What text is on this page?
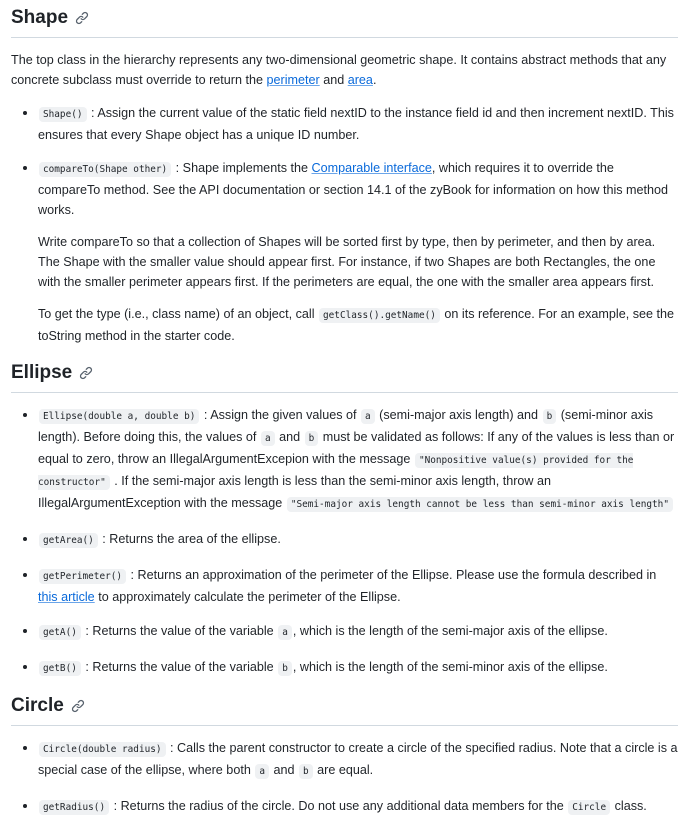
Shape

The top class in the hierarchy represents any two-dimensional geometric shape. It contains abstract methods that any concrete subclass must override to return the perimeter and area.

• Shape() : Assign the current value of the static field nextID to the instance field id and then increment nextID. This ensures that every Shape object has a unique ID number.

• compareTo(Shape other) : Shape implements the Comparable interface, which requires it to override the compareTo method. See the API documentation or section 14.1 of the zyBook for information on how this method works.

Write compareTo so that a collection of Shapes will be sorted first by type, then by perimeter, and then by area. The Shape with the smaller value should appear first. For instance, if two Shapes are both Rectangles, the one with the smaller perimeter appears first. If the perimeters are equal, the one with the smaller area appears first.

To get the type (i.e., class name) of an object, call getClass().getName() on its reference. For an example, see the toString method in the starter code.

Ellipse
• Ellipse(double a, double b) : Assign the given values of a (semi-major axis length) and b (semi-minor axis length). Before doing this, the values of a and b must be validated as follows: If any of the values is less than or equal to zero, throw an IllegalArgumentExcepion with the message "Nonpositive value(s) provided for the constructor" . If the semi-major axis length is less than the semi-minor axis length, throw an IllegalArgumentException with the message "Semi-major axis length cannot be less than semi-minor axis length"
• getArea() : Returns the area of the ellipse.
• getPerimeter() : Returns an approximation of the perimeter of the Ellipse. Please use the formula described in this article to approximately calculate the perimeter of the Ellipse.
• getA() : Returns the value of the variable a , which is the length of the semi-major axis of the ellipse.
• getB() : Returns the value of the variable b , which is the length of the semi-minor axis of the ellipse.
Circle
• Circle(double radius) : Calls the parent constructor to create a circle of the specified radius. Note that a circle is a special case of the ellipse, where both a and b are equal.
• getRadius() : Returns the radius of the circle. Do not use any additional data members for the Circle class.
